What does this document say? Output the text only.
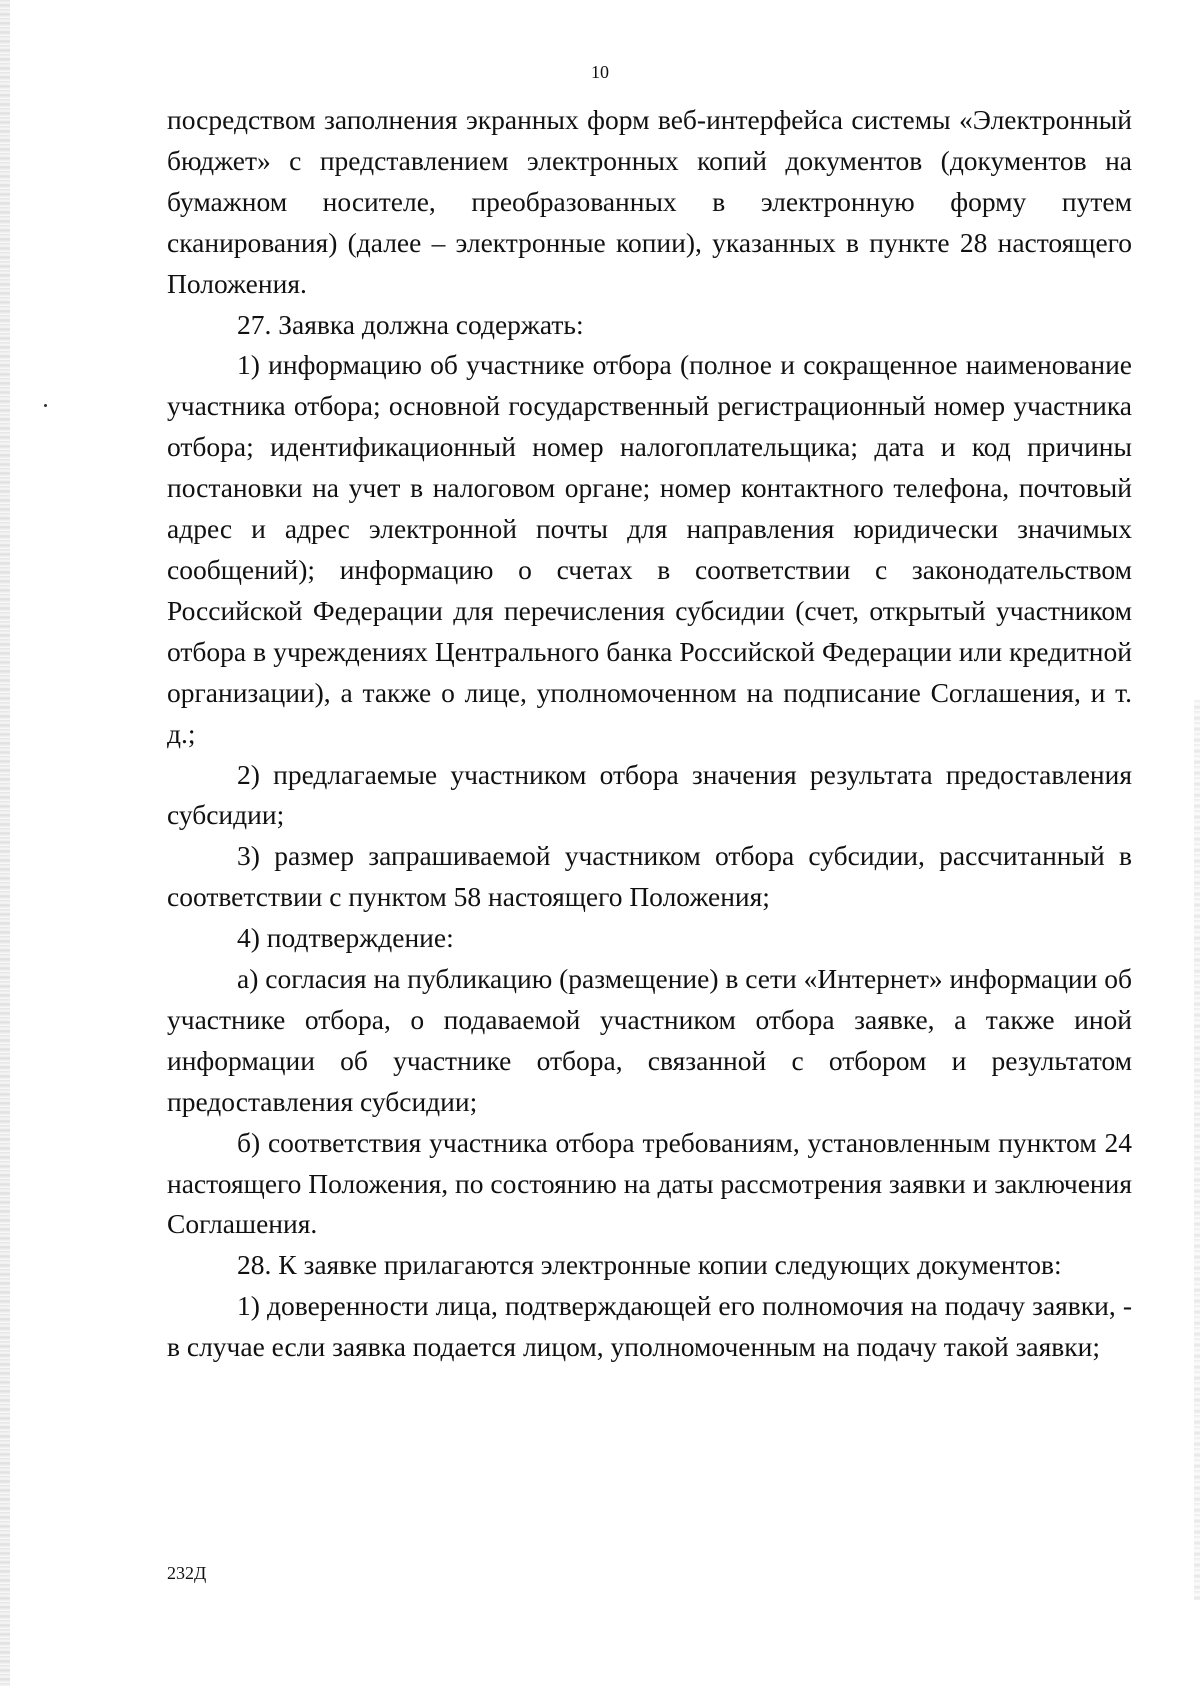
10

посредством заполнения экранных форм веб-интерфейса системы «Электронный бюджет» с представлением электронных копий документов (документов на бумажном носителе, преобразованных в электронную форму путем сканирования) (далее – электронные копии), указанных в пункте 28 настоящего Положения.

27. Заявка должна содержать:

1) информацию об участнике отбора (полное и сокращенное наименование участника отбора; основной государственный регистрационный номер участника отбора; идентификационный номер налогоплательщика; дата и код причины постановки на учет в налоговом органе; номер контактного телефона, почтовый адрес и адрес электронной почты для направления юридически значимых сообщений); информацию о счетах в соответствии с законодательством Российской Федерации для перечисления субсидии (счет, открытый участником отбора в учреждениях Центрального банка Российской Федерации или кредитной организации), а также о лице, уполномоченном на подписание Соглашения, и т. д.;

2) предлагаемые участником отбора значения результата предоставления субсидии;

3) размер запрашиваемой участником отбора субсидии, рассчитанный в соответствии с пунктом 58 настоящего Положения;

4) подтверждение:

а) согласия на публикацию (размещение) в сети «Интернет» информации об участнике отбора, о подаваемой участником отбора заявке, а также иной информации об участнике отбора, связанной с отбором и результатом предоставления субсидии;

б) соответствия участника отбора требованиям, установленным пунктом 24 настоящего Положения, по состоянию на даты рассмотрения заявки и заключения Соглашения.

28. К заявке прилагаются электронные копии следующих документов:

1) доверенности лица, подтверждающей его полномочия на подачу заявки, - в случае если заявка подается лицом, уполномоченным на подачу такой заявки;

232Д
